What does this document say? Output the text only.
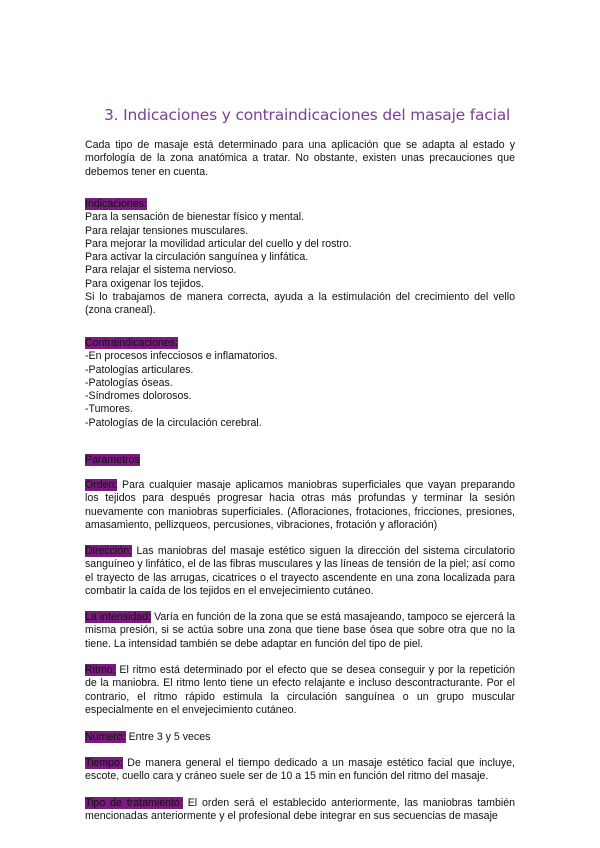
3. Indicaciones y contraindicaciones del masaje facial

Cada tipo de masaje está determinado para una aplicación que se adapta al estado y morfología de la zona anatómica a tratar. No obstante, existen unas precauciones que debemos tener en cuenta.

Indicaciones:
Para la sensación de bienestar físico y mental.
Para relajar tensiones musculares.
Para mejorar la movilidad articular del cuello y del rostro.
Para activar la circulación sanguínea y linfática.
Para relajar el sistema nervioso.
Para oxigenar los tejidos.

Si lo trabajamos de manera correcta, ayuda a la estimulación del crecimiento del vello (zona craneal).

Contraindicaciones:
-En procesos infecciosos e inflamatorios.
-Patologías articulares.
-Patologías óseas.
-Síndromes dolorosos.
-Tumores.
-Patologías de la circulación cerebral.
Parametros

Orden: Para cualquier masaje aplicamos maniobras superficiales que vayan preparando los tejidos para después progresar hacia otras más profundas y terminar la sesión nuevamente con maniobras superficiales. (Afloraciones, frotaciones, fricciones, presiones, amasamiento, pellizqueos, percusiones, vibraciones, frotación y afloración)

Dirección: Las maniobras del masaje estético siguen la dirección del sistema circulatorio sanguíneo y linfático, el de las fibras musculares y las líneas de tensión de la piel; así como el trayecto de las arrugas, cicatrices o el trayecto ascendente en una zona localizada para combatir la caída de los tejidos en el envejecimiento cutáneo.

La intensidad: Varía en función de la zona que se está masajeando, tampoco se ejercerá la misma presión, si se actúa sobre una zona que tiene base ósea que sobre otra que no la tiene. La intensidad también se debe adaptar en función del tipo de piel.

Ritmo: El ritmo está determinado por el efecto que se desea conseguir y por la repetición de la maniobra. El ritmo lento tiene un efecto relajante e incluso descontracturante. Por el contrario, el ritmo rápido estimula la circulación sanguínea o un grupo muscular especialmente en el envejecimiento cutáneo.

Número: Entre 3 y 5 veces

Tiempo: De manera general el tiempo dedicado a un masaje estético facial que incluye, escote, cuello cara y cráneo suele ser de 10 a 15 min en función del ritmo del masaje.

Tipo de tratamiento: El orden será el establecido anteriormente, las maniobras también mencionadas anteriormente y el profesional debe integrar en sus secuencias de masaje
